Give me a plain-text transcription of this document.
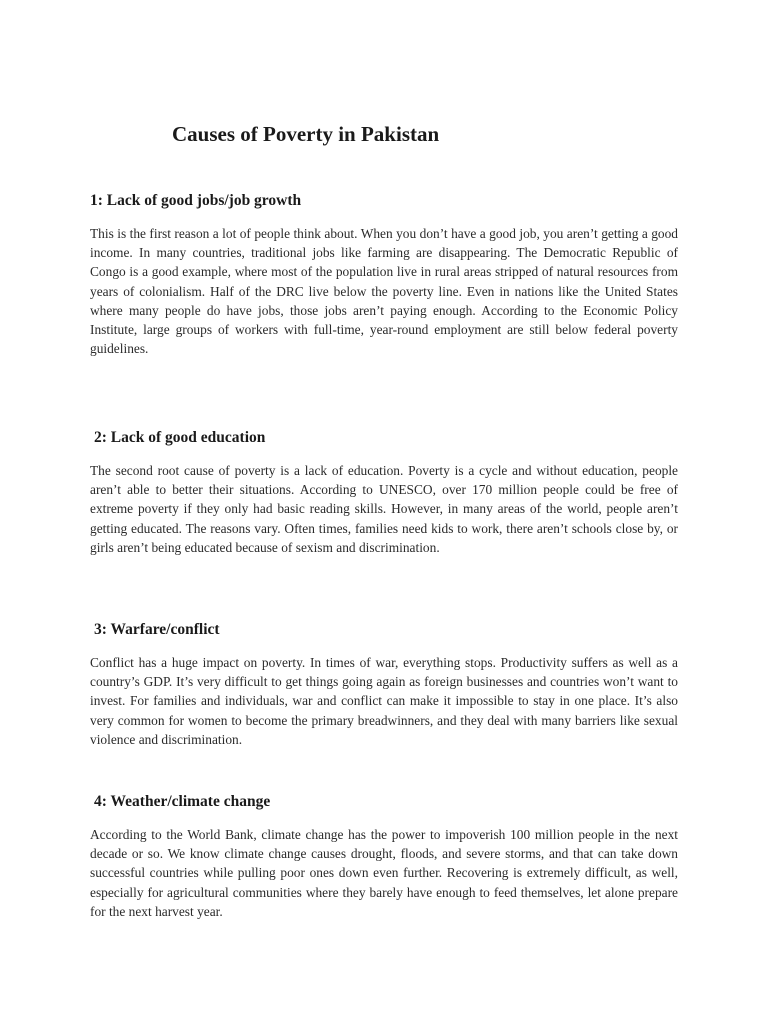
Causes of Poverty in Pakistan
1: Lack of good jobs/job growth

This is the first reason a lot of people think about. When you don’t have a good job, you aren’t getting a good income. In many countries, traditional jobs like farming are disappearing. The Democratic Republic of Congo is a good example, where most of the population live in rural areas stripped of natural resources from years of colonialism. Half of the DRC live below the poverty line. Even in nations like the United States where many people do have jobs, those jobs aren’t paying enough. According to the Economic Policy Institute, large groups of workers with full-time, year-round employment are still below federal poverty guidelines.

2: Lack of good education

The second root cause of poverty is a lack of education. Poverty is a cycle and without education, people aren’t able to better their situations. According to UNESCO, over 170 million people could be free of extreme poverty if they only had basic reading skills. However, in many areas of the world, people aren’t getting educated. The reasons vary. Often times, families need kids to work, there aren’t schools close by, or girls aren’t being educated because of sexism and discrimination.

3: Warfare/conflict

Conflict has a huge impact on poverty. In times of war, everything stops. Productivity suffers as well as a country’s GDP. It’s very difficult to get things going again as foreign businesses and countries won’t want to invest. For families and individuals, war and conflict can make it impossible to stay in one place. It’s also very common for women to become the primary breadwinners, and they deal with many barriers like sexual violence and discrimination.

4: Weather/climate change

According to the World Bank, climate change has the power to impoverish 100 million people in the next decade or so. We know climate change causes drought, floods, and severe storms, and that can take down successful countries while pulling poor ones down even further. Recovering is extremely difficult, as well, especially for agricultural communities where they barely have enough to feed themselves, let alone prepare for the next harvest year.
